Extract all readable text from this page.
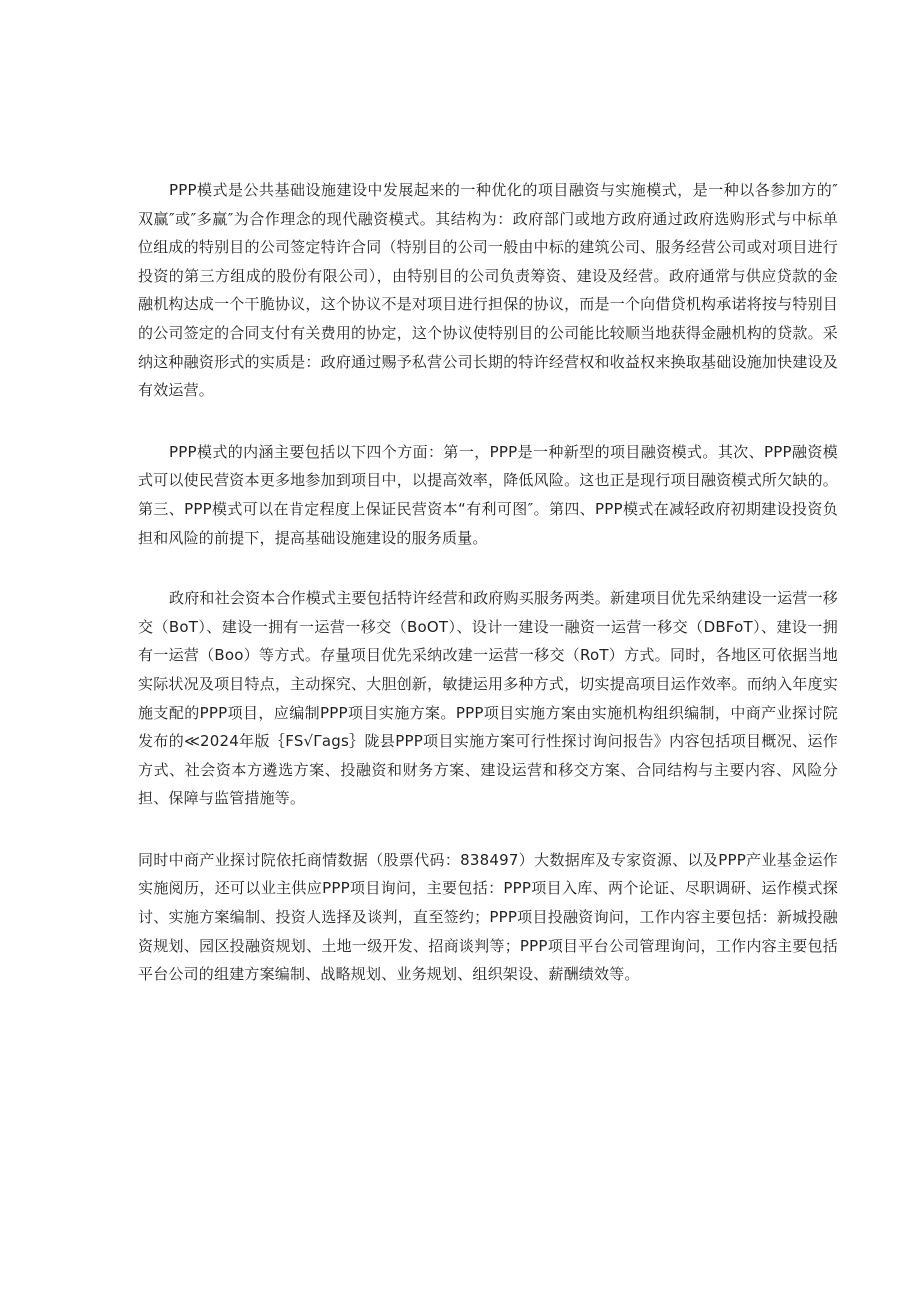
PPP模式是公共基础设施建设中发展起来的一种优化的项目融资与实施模式，是一种以各参加方的″双赢″或″多赢″为合作理念的现代融资模式。其结构为：政府部门或地方政府通过政府选购形式与中标单位组成的特别目的公司签定特许合同（特别目的公司一般由中标的建筑公司、服务经营公司或对项目进行投资的第三方组成的股份有限公司），由特别目的公司负责筹资、建设及经营。政府通常与供应贷款的金融机构达成一个干脆协议，这个协议不是对项目进行担保的协议，而是一个向借贷机构承诺将按与特别目的公司签定的合同支付有关费用的协定，这个协议使特别目的公司能比较顺当地获得金融机构的贷款。采纳这种融资形式的实质是：政府通过赐予私营公司长期的特许经营权和收益权来换取基础设施加快建设及有效运营。

PPP模式的内涵主要包括以下四个方面：第一，PPP是一种新型的项目融资模式。其次、PPP融资模式可以使民营资本更多地参加到项目中，以提高效率，降低风险。这也正是现行项目融资模式所欠缺的。第三、PPP模式可以在肯定程度上保证民营资本“有利可图″。第四、PPP模式在减轻政府初期建设投资负担和风险的前提下，提高基础设施建设的服务质量。

政府和社会资本合作模式主要包括特许经营和政府购买服务两类。新建项目优先采纳建设一运营一移交（BoT）、建设一拥有一运营一移交（BoOT）、设计一建设一融资一运营一移交（DBFoT）、建设一拥有一运营（Boo）等方式。存量项目优先采纳改建一运营一移交（RoT）方式。同时，各地区可依据当地实际状况及项目特点，主动探究、大胆创新，敏捷运用多种方式，切实提高项目运作效率。而纳入年度实施支配的PPP项目，应编制PPP项目实施方案。PPP项目实施方案由实施机构组织编制，中商产业探讨院发布的≪2024年版｛FS√Γags｝陇县PPP项目实施方案可行性探讨询问报告》内容包括项目概况、运作方式、社会资本方遴选方案、投融资和财务方案、建设运营和移交方案、合同结构与主要内容、风险分担、保障与监管措施等。

同时中商产业探讨院依托商情数据（股票代码：838497）大数据库及专家资源、以及PPP产业基金运作实施阅历，还可以业主供应PPP项目询问，主要包括：PPP项目入库、两个论证、尽职调研、运作模式探讨、实施方案编制、投资人选择及谈判，直至签约；PPP项目投融资询问，工作内容主要包括：新城投融资规划、园区投融资规划、土地一级开发、招商谈判等；PPP项目平台公司管理询问，工作内容主要包括平台公司的组建方案编制、战略规划、业务规划、组织架设、薪酬绩效等。
